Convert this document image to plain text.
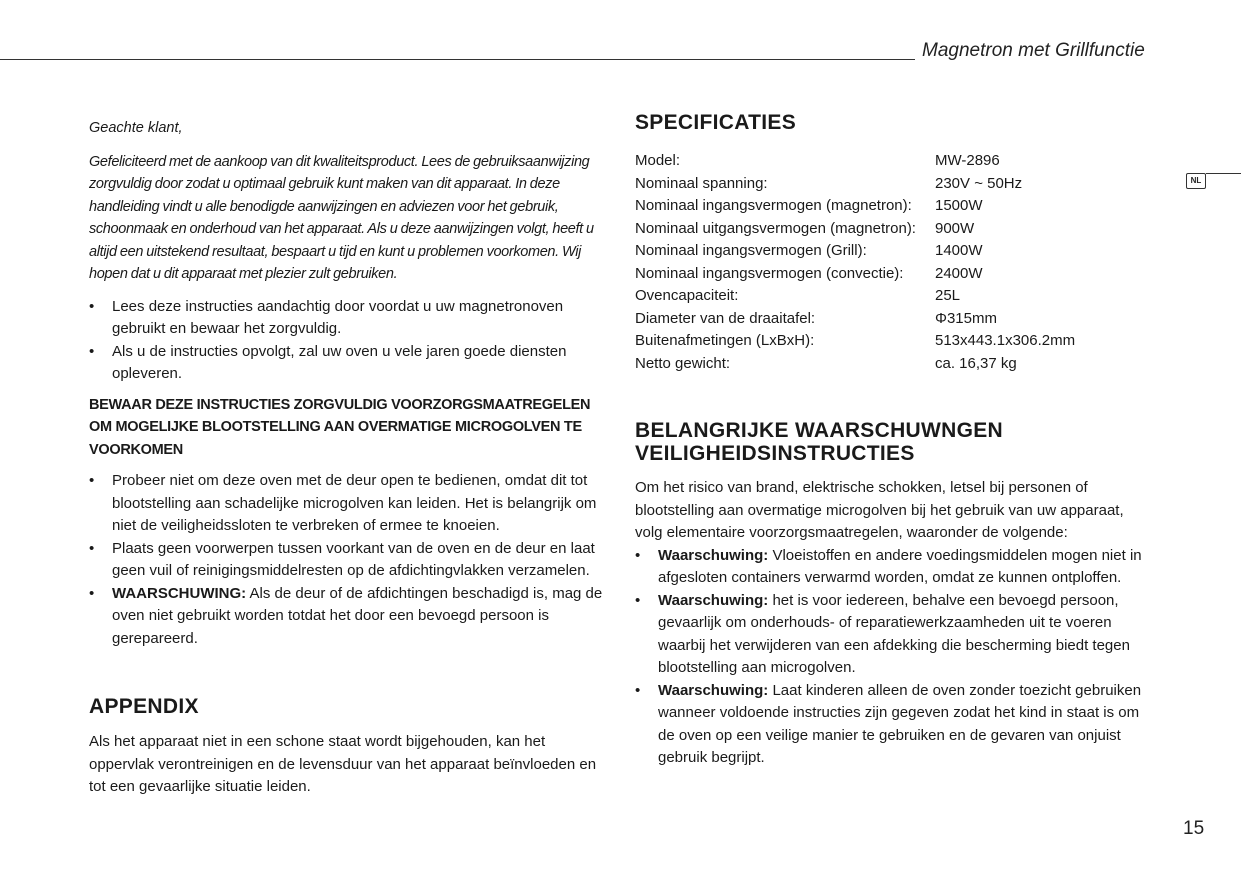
Magnetron met Grillfunctie
NL
15

Geachte klant,

Gefeliciteerd met de aankoop van dit kwaliteitsproduct. Lees de gebruiksaanwijzing zorgvuldig door zodat u optimaal gebruik kunt maken van dit apparaat. In deze handleiding vindt u alle benodigde aanwijzingen en adviezen voor het gebruik, schoonmaak en onderhoud van het apparaat. Als u deze aanwijzingen volgt, heeft u altijd een uitstekend resultaat, bespaart u tijd en kunt u problemen voorkomen. Wij hopen dat u dit apparaat met plezier zult gebruiken.

• Lees deze instructies aandachtig door voordat u uw magnetronoven gebruikt en bewaar het zorgvuldig.
• Als u de instructies opvolgt, zal uw oven u vele jaren goede diensten opleveren.
BEWAAR DEZE INSTRUCTIES ZORGVULDIG VOORZORGSMAATREGELEN OM MOGELIJKE BLOOTSTELLING AAN OVERMATIGE MICROGOLVEN TE VOORKOMEN
• Probeer niet om deze oven met de deur open te bedienen, omdat dit tot blootstelling aan schadelijke microgolven kan leiden. Het is belangrijk om niet de veiligheidssloten te verbreken of ermee te knoeien.
• Plaats geen voorwerpen tussen voorkant van de oven en de deur en laat geen vuil of reinigingsmiddelresten op de afdichtingvlakken verzamelen.
• WAARSCHUWING: Als de deur of de afdichtingen beschadigd is, mag de oven niet gebruikt worden totdat het door een bevoegd persoon is gerepareerd.
APPENDIX

Als het apparaat niet in een schone staat wordt bijgehouden, kan het oppervlak verontreinigen en de levensduur van het apparaat beïnvloeden en tot een gevaarlijke situatie leiden.

SPECIFICATIES
Model:	MW-2896
Nominaal spanning:	230V ~ 50Hz
Nominaal ingangsvermogen (magnetron):	1500W
Nominaal uitgangsvermogen (magnetron):	900W
Nominaal ingangsvermogen (Grill):	1400W
Nominaal ingangsvermogen (convectie):	2400W
Ovencapaciteit:	25L
Diameter van de draaitafel:	Φ315mm
Buitenafmetingen (LxBxH):	513x443.1x306.2mm
Netto gewicht:	ca. 16,37 kg
BELANGRIJKE WAARSCHUWNGEN
VEILIGHEIDSINSTRUCTIES

Om het risico van brand, elektrische schokken, letsel bij personen of blootstelling aan overmatige microgolven bij het gebruik van uw apparaat, volg elementaire voorzorgsmaatregelen, waaronder de volgende:

• Waarschuwing: Vloeistoffen en andere voedingsmiddelen mogen niet in afgesloten containers verwarmd worden, omdat ze kunnen ontploffen.
• Waarschuwing: het is voor iedereen, behalve een bevoegd persoon, gevaarlijk om onderhouds- of reparatiewerkzaamheden uit te voeren waarbij het verwijderen van een afdekking die bescherming biedt tegen blootstelling aan microgolven.
• Waarschuwing: Laat kinderen alleen de oven zonder toezicht gebruiken wanneer voldoende instructies zijn gegeven zodat het kind in staat is om de oven op een veilige manier te gebruiken en de gevaren van onjuist gebruik begrijpt.
